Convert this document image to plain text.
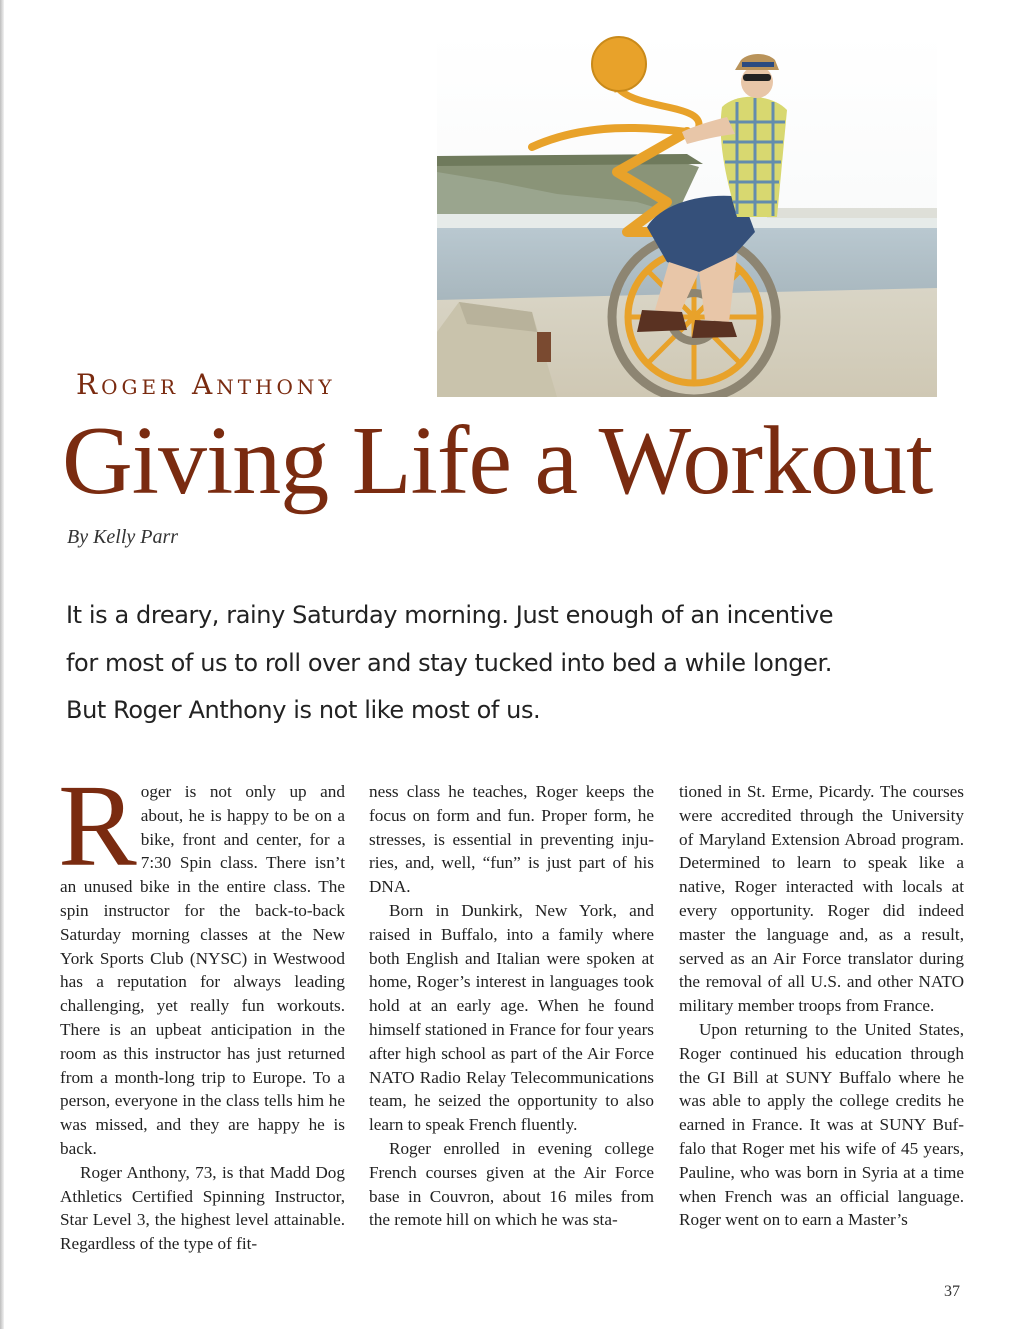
Roger Anthony
Giving Life a Workout
By Kelly Parr

It is a dreary, rainy Saturday morning. Just enough of an incentive for most of us to roll over and stay tucked into bed a while longer. But Roger Anthony is not like most of us.

Roger is not only up and about, he is happy to be on a bike, front and center, for a 7:30 Spin class. There isn’t an unused bike in the entire class. The spin instructor for the back-to-back Saturday morning classes at the New York Sports Club (NYSC) in Westwood has a reputation for always leading challenging, yet really fun workouts. There is an upbeat anticipation in the room as this instructor has just returned from a month-long trip to Europe. To a person, everyone in the class tells him he was missed, and they are happy he is back.

Roger Anthony, 73, is that Madd Dog Athletics Certified Spinning Instructor, Star Level 3, the highest level attainable. Regardless of the type of fit-

ness class he teaches, Roger keeps the focus on form and fun. Proper form, he stresses, is essential in preventing injuries, and, well, “fun” is just part of his DNA.

Born in Dunkirk, New York, and raised in Buffalo, into a family where both English and Italian were spoken at home, Roger’s interest in languages took hold at an early age. When he found himself stationed in France for four years after high school as part of the Air Force NATO Radio Relay Telecommunications team, he seized the opportunity to also learn to speak French fluently.

Roger enrolled in evening college French courses given at the Air Force base in Couvron, about 16 miles from the remote hill on which he was sta-

tioned in St. Erme, Picardy. The courses were accredited through the University of Maryland Extension Abroad program. Determined to learn to speak like a native, Roger interacted with locals at every opportunity. Roger did indeed master the language and, as a result, served as an Air Force translator during the removal of all U.S. and other NATO military member troops from France.

Upon returning to the United States, Roger continued his education through the GI Bill at SUNY Buffalo where he was able to apply the college credits he earned in France. It was at SUNY Buffalo that Roger met his wife of 45 years, Pauline, who was born in Syria at a time when French was an official language. Roger went on to earn a Master’s

37
